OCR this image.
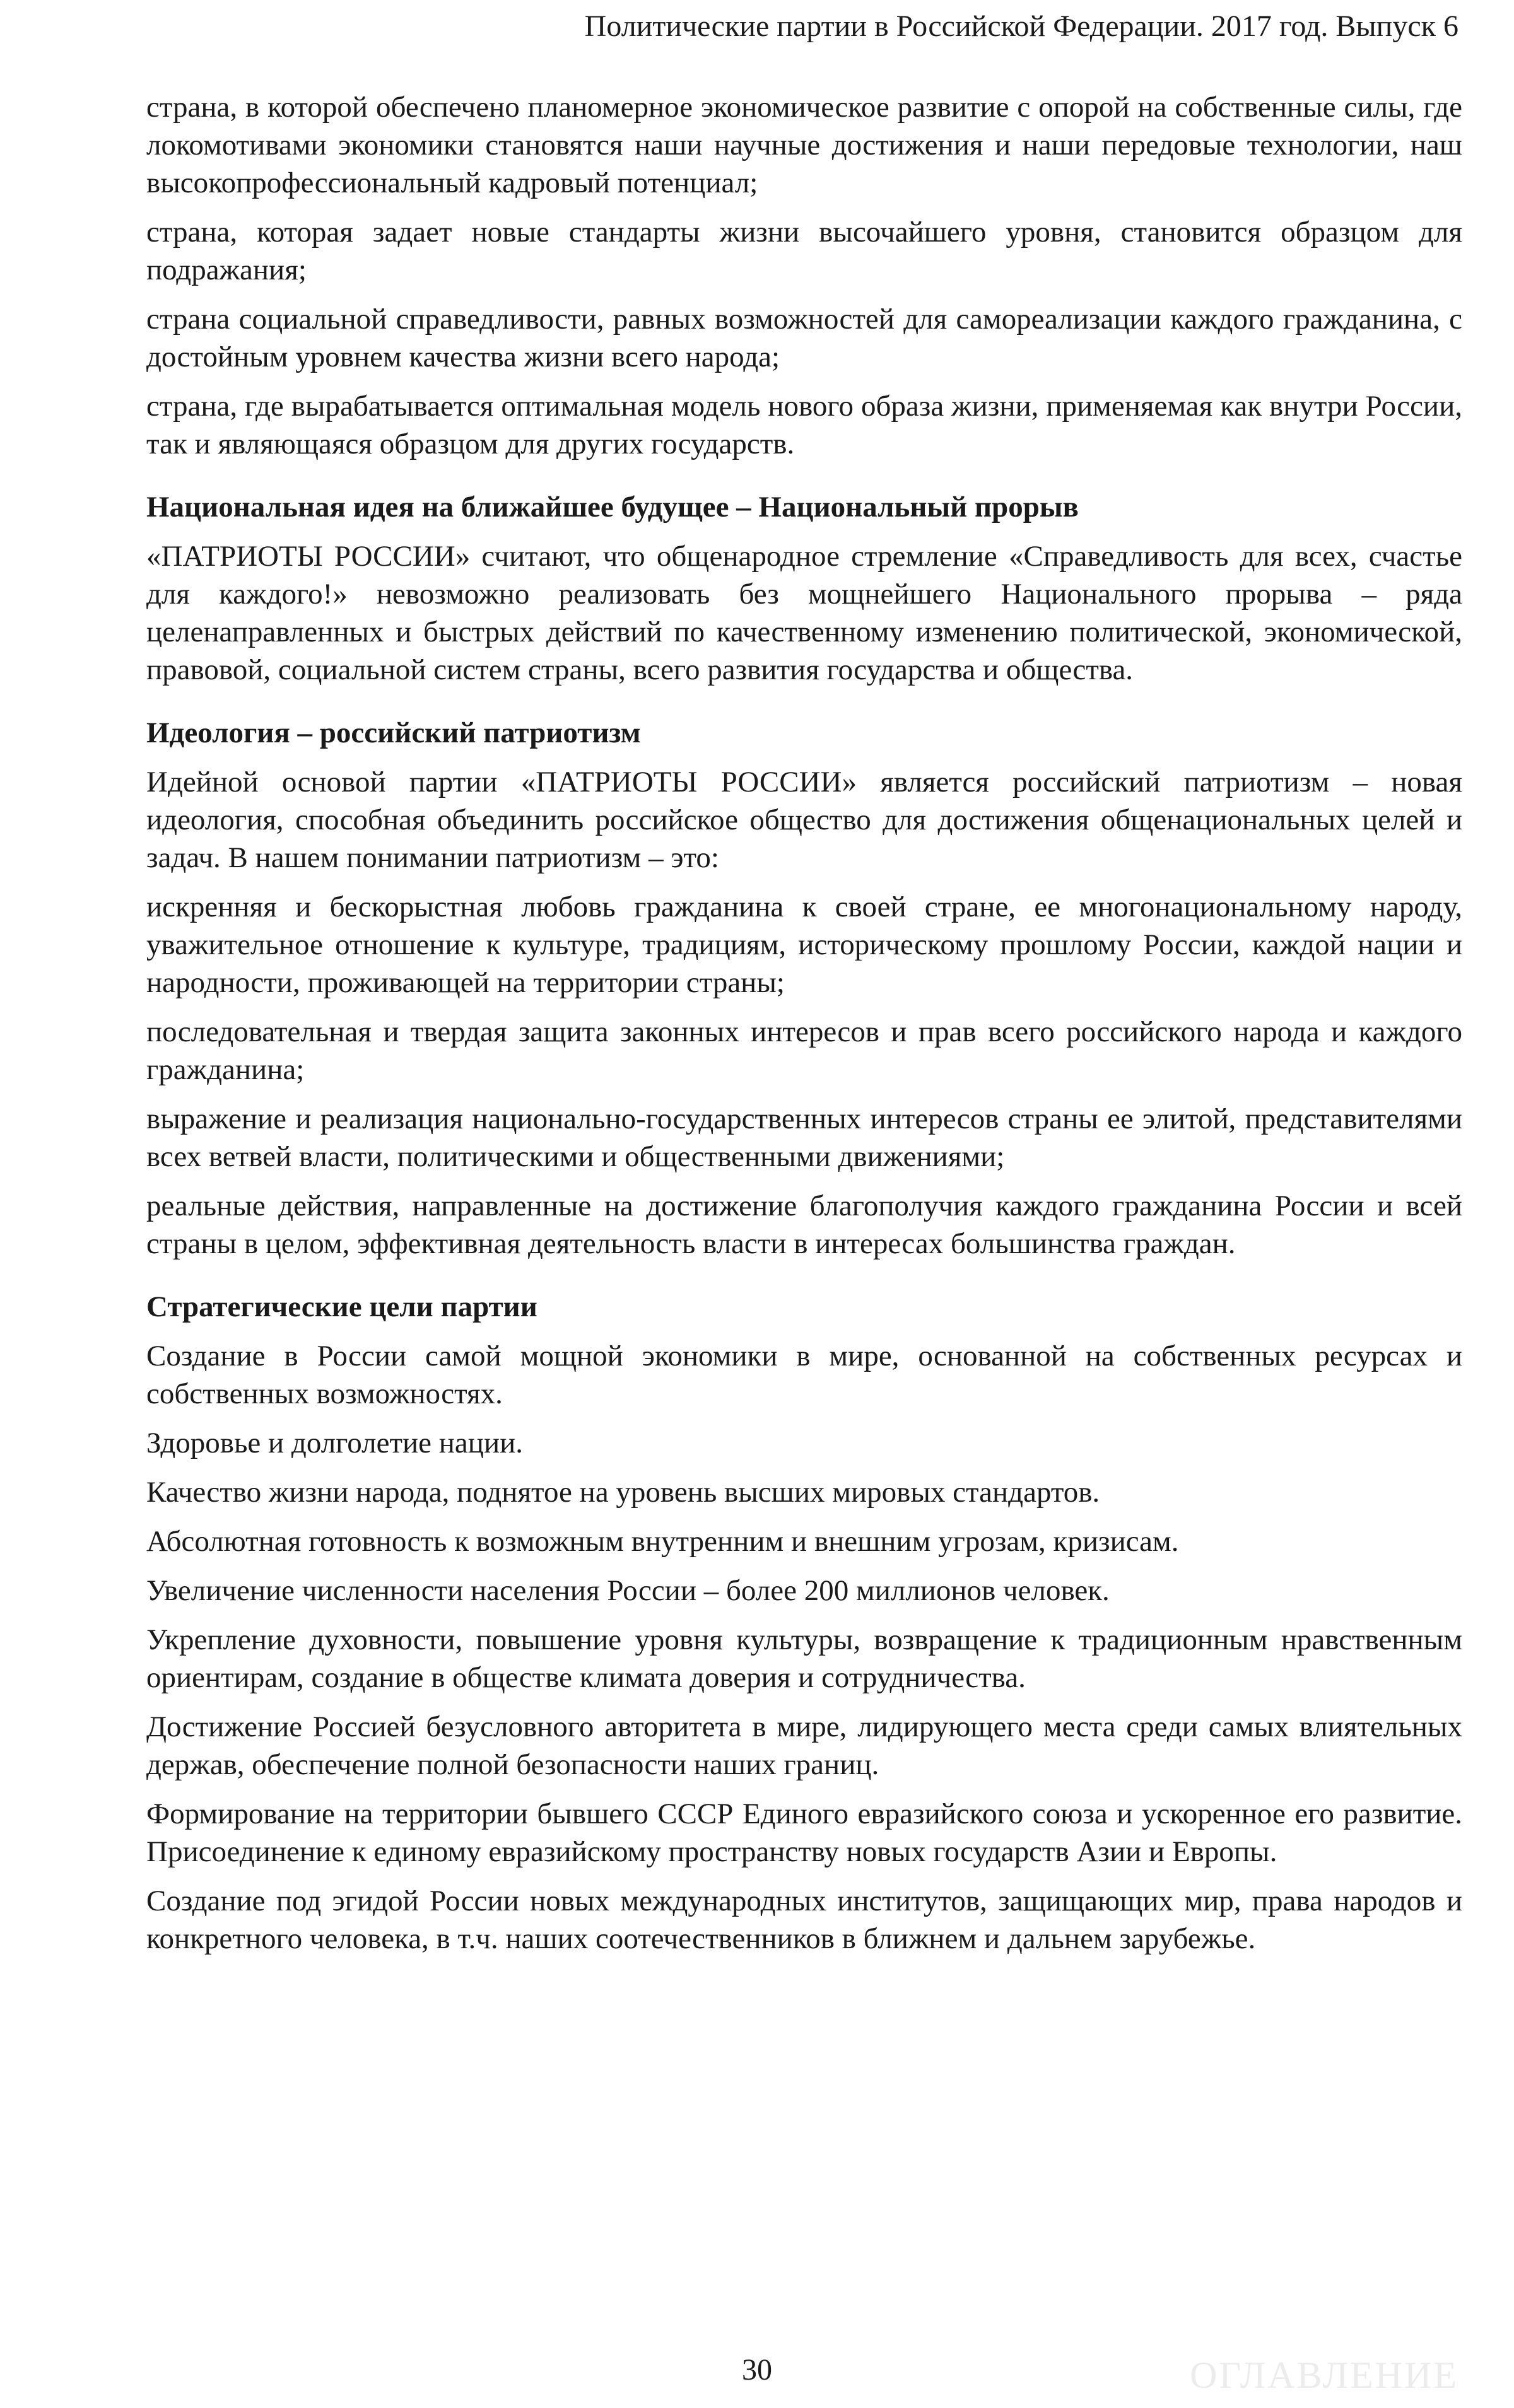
Политические партии в Российской Федерации. 2017 год. Выпуск 6

страна, в которой обеспечено планомерное экономическое развитие с опорой на собственные силы, где локомотивами экономики становятся наши научные достижения и наши передовые технологии, наш высокопрофессиональный кадровый потенциал;

страна, которая задает новые стандарты жизни высочайшего уровня, становится образцом для подражания;

страна социальной справедливости, равных возможностей для самореализации каждого гражданина, с достойным уровнем качества жизни всего народа;

страна, где вырабатывается оптимальная модель нового образа жизни, применяемая как внутри России, так и являющаяся образцом для других государств.

Национальная идея на ближайшее будущее – Национальный прорыв

«ПАТРИОТЫ РОССИИ» считают, что общенародное стремление «Справедливость для всех, счастье для каждого!» невозможно реализовать без мощнейшего Национального прорыва – ряда целенаправленных и быстрых действий по качественному изменению политической, экономической, правовой, социальной систем страны, всего развития государства и общества.

Идеология – российский патриотизм

Идейной основой партии «ПАТРИОТЫ РОССИИ» является российский патриотизм – новая идеология, способная объединить российское общество для достижения общенациональных целей и задач. В нашем понимании патриотизм – это:

искренняя и бескорыстная любовь гражданина к своей стране, ее многонациональному народу, уважительное отношение к культуре, традициям, историческому прошлому России, каждой нации и народности, проживающей на территории страны;

последовательная и твердая защита законных интересов и прав всего российского народа и каждого гражданина;

выражение и реализация национально-государственных интересов страны ее элитой, представителями всех ветвей власти, политическими и общественными движениями;

реальные действия, направленные на достижение благополучия каждого гражданина России и всей страны в целом, эффективная деятельность власти в интересах большинства граждан.

Стратегические цели партии

Создание в России самой мощной экономики в мире, основанной на собственных ресурсах и собственных возможностях.

Здоровье и долголетие нации.

Качество жизни народа, поднятое на уровень высших мировых стандартов.

Абсолютная готовность к возможным внутренним и внешним угрозам, кризисам.

Увеличение численности населения России – более 200 миллионов человек.

Укрепление духовности, повышение уровня культуры, возвращение к традиционным нравственным ориентирам, создание в обществе климата доверия и сотрудничества.

Достижение Россией безусловного авторитета в мире, лидирующего места среди самых влиятельных держав, обеспечение полной безопасности наших границ.

Формирование на территории бывшего СССР Единого евразийского союза и ускоренное его развитие. Присоединение к единому евразийскому пространству новых государств Азии и Европы.

Создание под эгидой России новых международных институтов, защищающих мир, права народов и конкретного человека, в т.ч. наших соотечественников в ближнем и дальнем зарубежье.

30	ОГЛАВЛЕНИЕ
